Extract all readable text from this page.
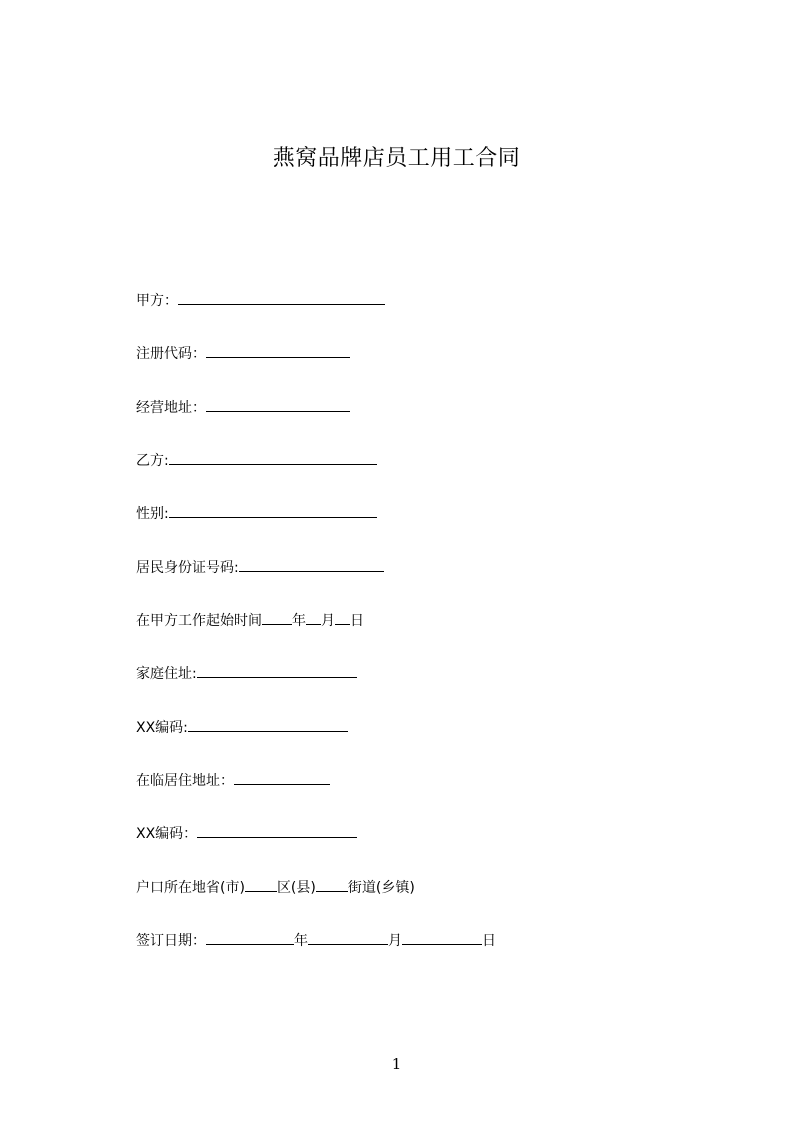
燕窝品牌店员工用工合同
甲方：
注册代码：
经营地址：
乙方:
性别:
居民身份证号码:
在甲方工作起始时间 年 月 日
家庭住址:
XX编码:
在临居住地址：
XX编码：
户口所在地省(市) 区(县) 街道(乡镇)
签订日期：	年	月	日
1
